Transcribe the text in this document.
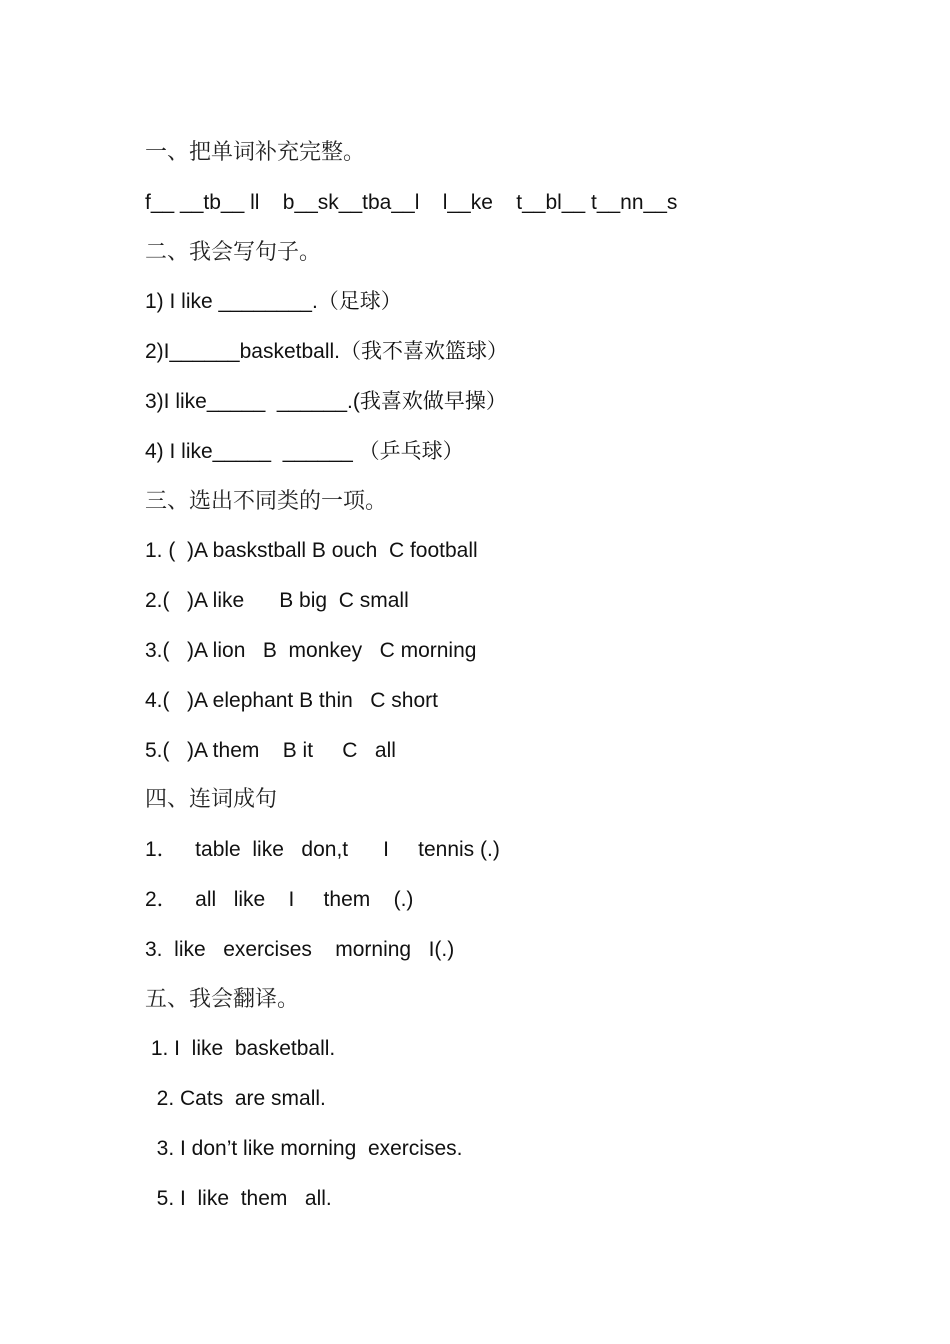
一、把单词补充完整。
f__ __tb__ ll    b__sk__tba__l    l__ke    t__bl__ t__nn__s
二、我会写句子。
1) I like ________.（足球）
2)I______basketball.（我不喜欢篮球）
3)I like_____  ______.(我喜欢做早操）
4) I like_____  ______ （乒乓球）
三、选出不同类的一项。
1. (  )A baskstball B ouch  C football
2.(   )A like      B big  C small
3.(   )A lion   B  monkey   C morning
4.(   )A elephant B thin   C short
5.(   )A them    B it     C   all
四、连词成句
1．   table  like   don,t      I     tennis (.)
2．   all   like    I     them    (.)
3.  like   exercises    morning   I(.)
五、我会翻译。
1. I  like  basketball.
2. Cats  are small.
3. I don’t like morning  exercises.
5. I  like  them   all.
